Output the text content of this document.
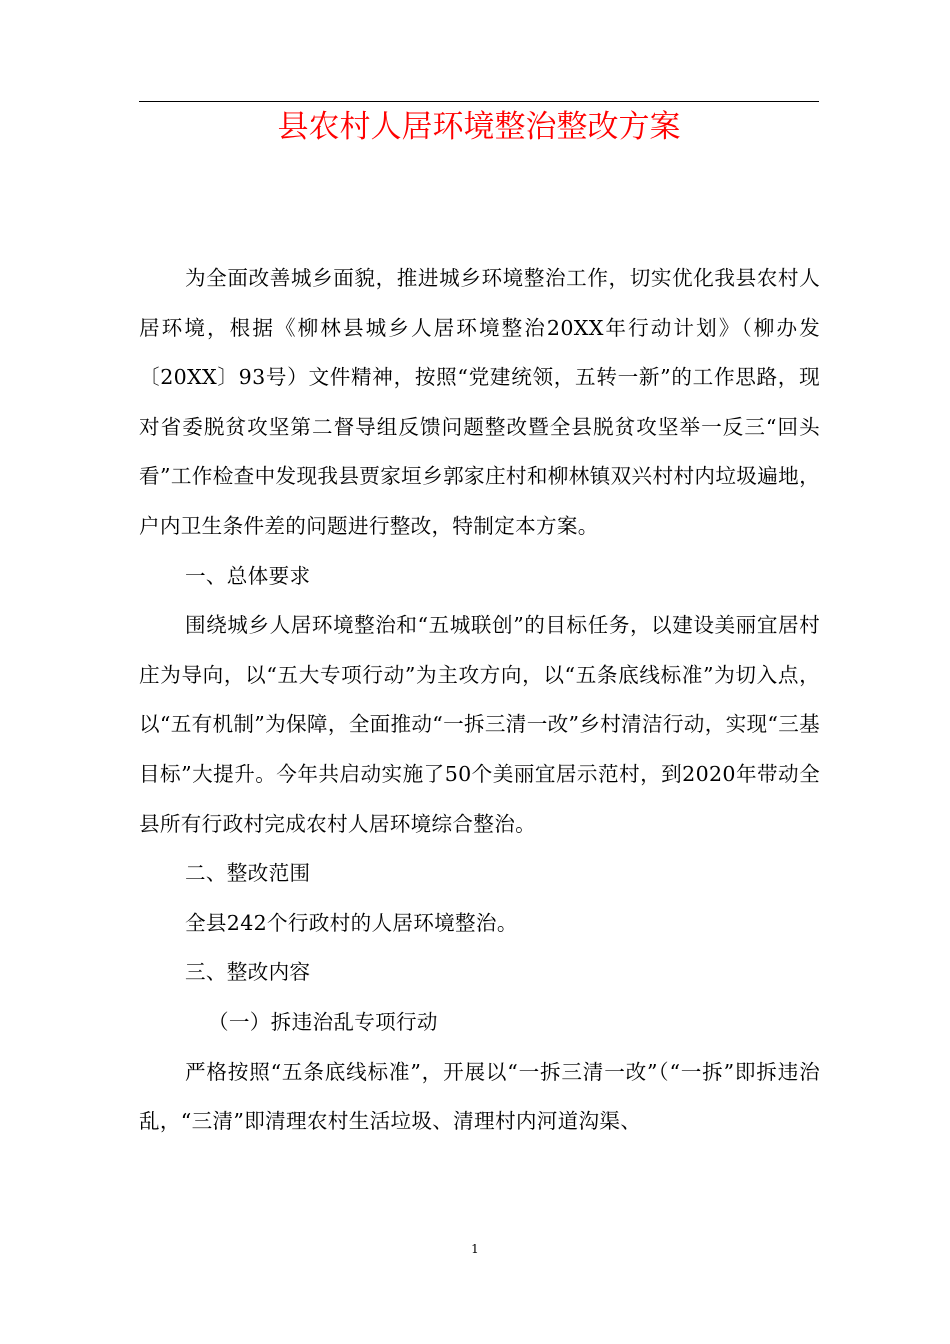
县农村人居环境整治整改方案

为全面改善城乡面貌，推进城乡环境整治工作，切实优化我县农村人居环境，根据《柳林县城乡人居环境整治20XX年行动计划》（柳办发〔20XX〕93号）文件精神，按照“党建统领，五转一新”的工作思路，现对省委脱贫攻坚第二督导组反馈问题整改暨全县脱贫攻坚举一反三“回头看”工作检查中发现我县贾家垣乡郭家庄村和柳林镇双兴村村内垃圾遍地，户内卫生条件差的问题进行整改，特制定本方案。

一、总体要求

围绕城乡人居环境整治和“五城联创”的目标任务，以建设美丽宜居村庄为导向，以“五大专项行动”为主攻方向，以“五条底线标准”为切入点，以“五有机制”为保障，全面推动“一拆三清一改”乡村清洁行动，实现“三基目标”大提升。今年共启动实施了50个美丽宜居示范村，到2020年带动全县所有行政村完成农村人居环境综合整治。

二、整改范围

全县242个行政村的人居环境整治。

三、整改内容

（一）拆违治乱专项行动

严格按照“五条底线标准”，开展以“一拆三清一改”（“一拆”即拆违治乱，“三清”即清理农村生活垃圾、清理村内河道沟渠、

1
